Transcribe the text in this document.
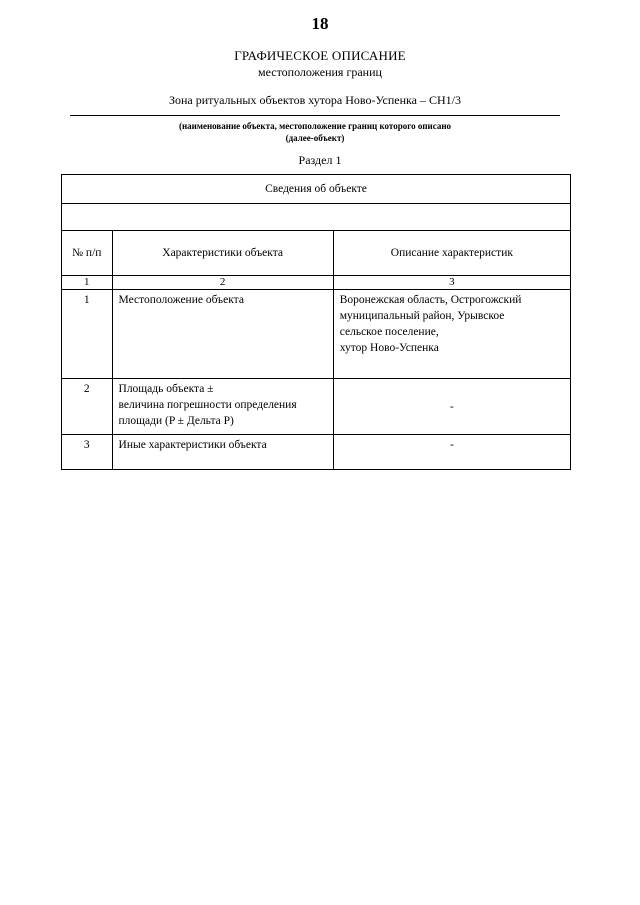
18
ГРАФИЧЕСКОЕ ОПИСАНИЕ
местоположения границ
Зона ритуальных объектов хутора Ново-Успенка – СН1/3
(наименование объекта, местоположение границ которого описано
(далее-объект)
Раздел 1
Сведения об объекте		

№ п/п	Характеристики объекта	Описание характеристик
1	2	3
1	Местоположение объекта	Воронежская область, Острогожский
муниципальный район, Урывское
сельское поселение,
хутор Ново-Успенка

2	Площадь объекта ±
величина погрешности определения
площади (P ± Дельта P)	-
3	Иные характеристики объекта	-
